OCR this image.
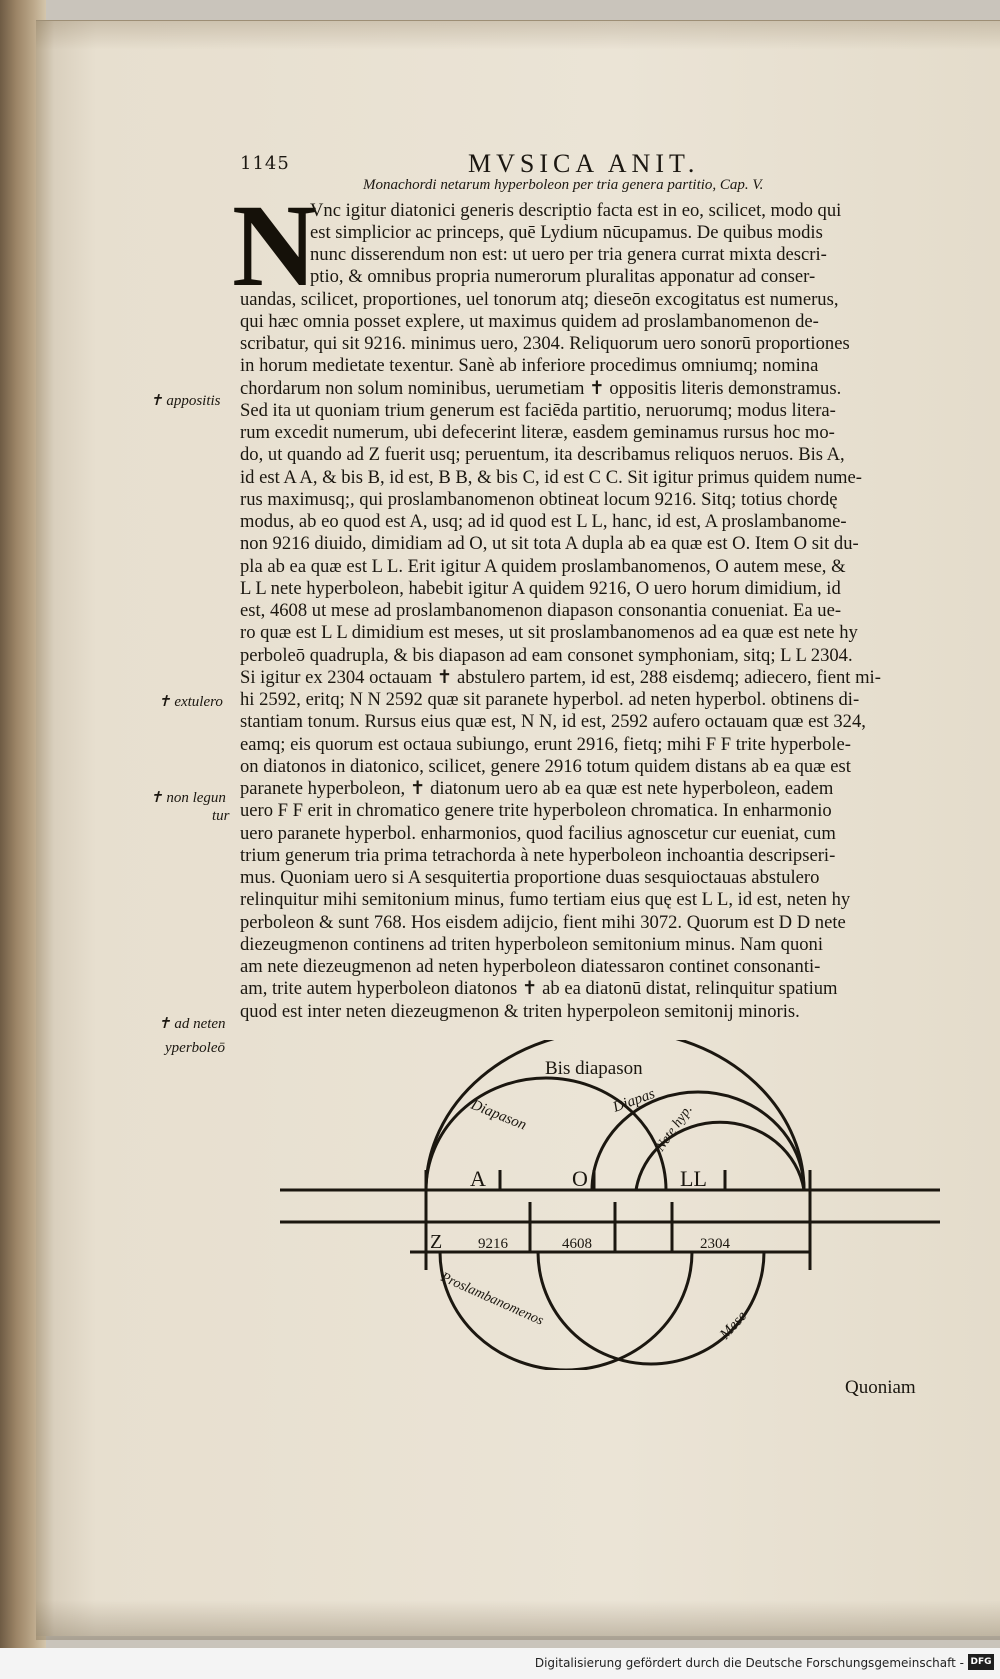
1145	MVSICA ANIT.
Monachordi netarum hyperboleon per tria genera partitio, Cap. V.
N
Vnc igitur diatonici generis descriptio facta est in eo, scilicet, modo qui
est simplicior ac princeps, quē Lydium nūcupamus. De quibus modis
nunc disserendum non est: ut uero per tria genera currat mixta descri-
ptio, & omnibus propria numerorum pluralitas apponatur ad conser-
uandas, scilicet, proportiones, uel tonorum atq; dieseōn excogitatus est numerus,
qui hæc omnia posset explere, ut maximus quidem ad proslambanomenon de-
scribatur, qui sit 9216. minimus uero, 2304. Reliquorum uero sonorū proportiones
in horum medietate texentur. Sanè ab inferiore procedimus omniumq; nomina
chordarum non solum nominibus, uerumetiam ✝ oppositis literis demonstramus.
Sed ita ut quoniam trium generum est faciēda partitio, neruorumq; modus litera-
rum excedit numerum, ubi defecerint literæ, easdem geminamus rursus hoc mo-
do, ut quando ad Z fuerit usq; peruentum, ita describamus reliquos neruos. Bis A,
id est A A, & bis B, id est, B B, & bis C, id est C C. Sit igitur primus quidem nume-
rus maximusq;, qui proslambanomenon obtineat locum 9216. Sitq; totius chordę
modus, ab eo quod est A, usq; ad id quod est L L, hanc, id est, A proslambanome-
non 9216 diuido, dimidiam ad O, ut sit tota A dupla ab ea quæ est O. Item O sit du-
pla ab ea quæ est L L. Erit igitur A quidem proslambanomenos, O autem mese, &
L L nete hyperboleon, habebit igitur A quidem 9216, O uero horum dimidium, id
est, 4608 ut mese ad proslambanomenon diapason consonantia conueniat. Ea ue-
ro quæ est L L dimidium est meses, ut sit proslambanomenos ad ea quæ est nete hy
perboleō quadrupla, & bis diapason ad eam consonet symphoniam, sitq; L L 2304.
Si igitur ex 2304 octauam ✝ abstulero partem, id est, 288 eisdemq; adiecero, fient mi-
hi 2592, eritq; N N 2592 quæ sit paranete hyperbol. ad neten hyperbol. obtinens di-
stantiam tonum. Rursus eius quæ est, N N, id est, 2592 aufero octauam quæ est 324,
eamq; eis quorum est octaua subiungo, erunt 2916, fietq; mihi F F trite hyperbole-
on diatonos in diatonico, scilicet, genere 2916 totum quidem distans ab ea quæ est
paranete hyperboleon, ✝ diatonum uero ab ea quæ est nete hyperboleon, eadem
uero F F erit in chromatico genere trite hyperboleon chromatica. In enharmonio
uero paranete hyperbol. enharmonios, quod facilius agnoscetur cur eueniat, cum
trium generum tria prima tetrachorda à nete hyperboleon inchoantia descripseri-
mus. Quoniam uero si A sesquitertia proportione duas sesquioctauas abstulero
relinquitur mihi semitonium minus, fumo tertiam eius quę est L L, id est, neten hy
perboleon & sunt 768. Hos eisdem adijcio, fient mihi 3072. Quorum est D D nete
diezeugmenon continens ad triten hyperboleon semitonium minus. Nam quoni
am nete diezeugmenon ad neten hyperboleon diatessaron continet consonanti-
am, trite autem hyperboleon diatonos ✝ ab ea diatonū distat, relinquitur spatium
quod est inter neten diezeugmenon & triten hyperpoleon semitonij minoris.
✝ appositis
✝ extulero
✝ non legun
tur
✝ ad neten
yperboleō
Bis diapason
Diapason	Diapas
Nete hyp.
A	O	LL
Z 9216	4608	2304
Proslambanomenos	Mese
Quoniam
Digitalisierung gefördert durch die Deutsche Forschungsgemeinschaft - DFG
